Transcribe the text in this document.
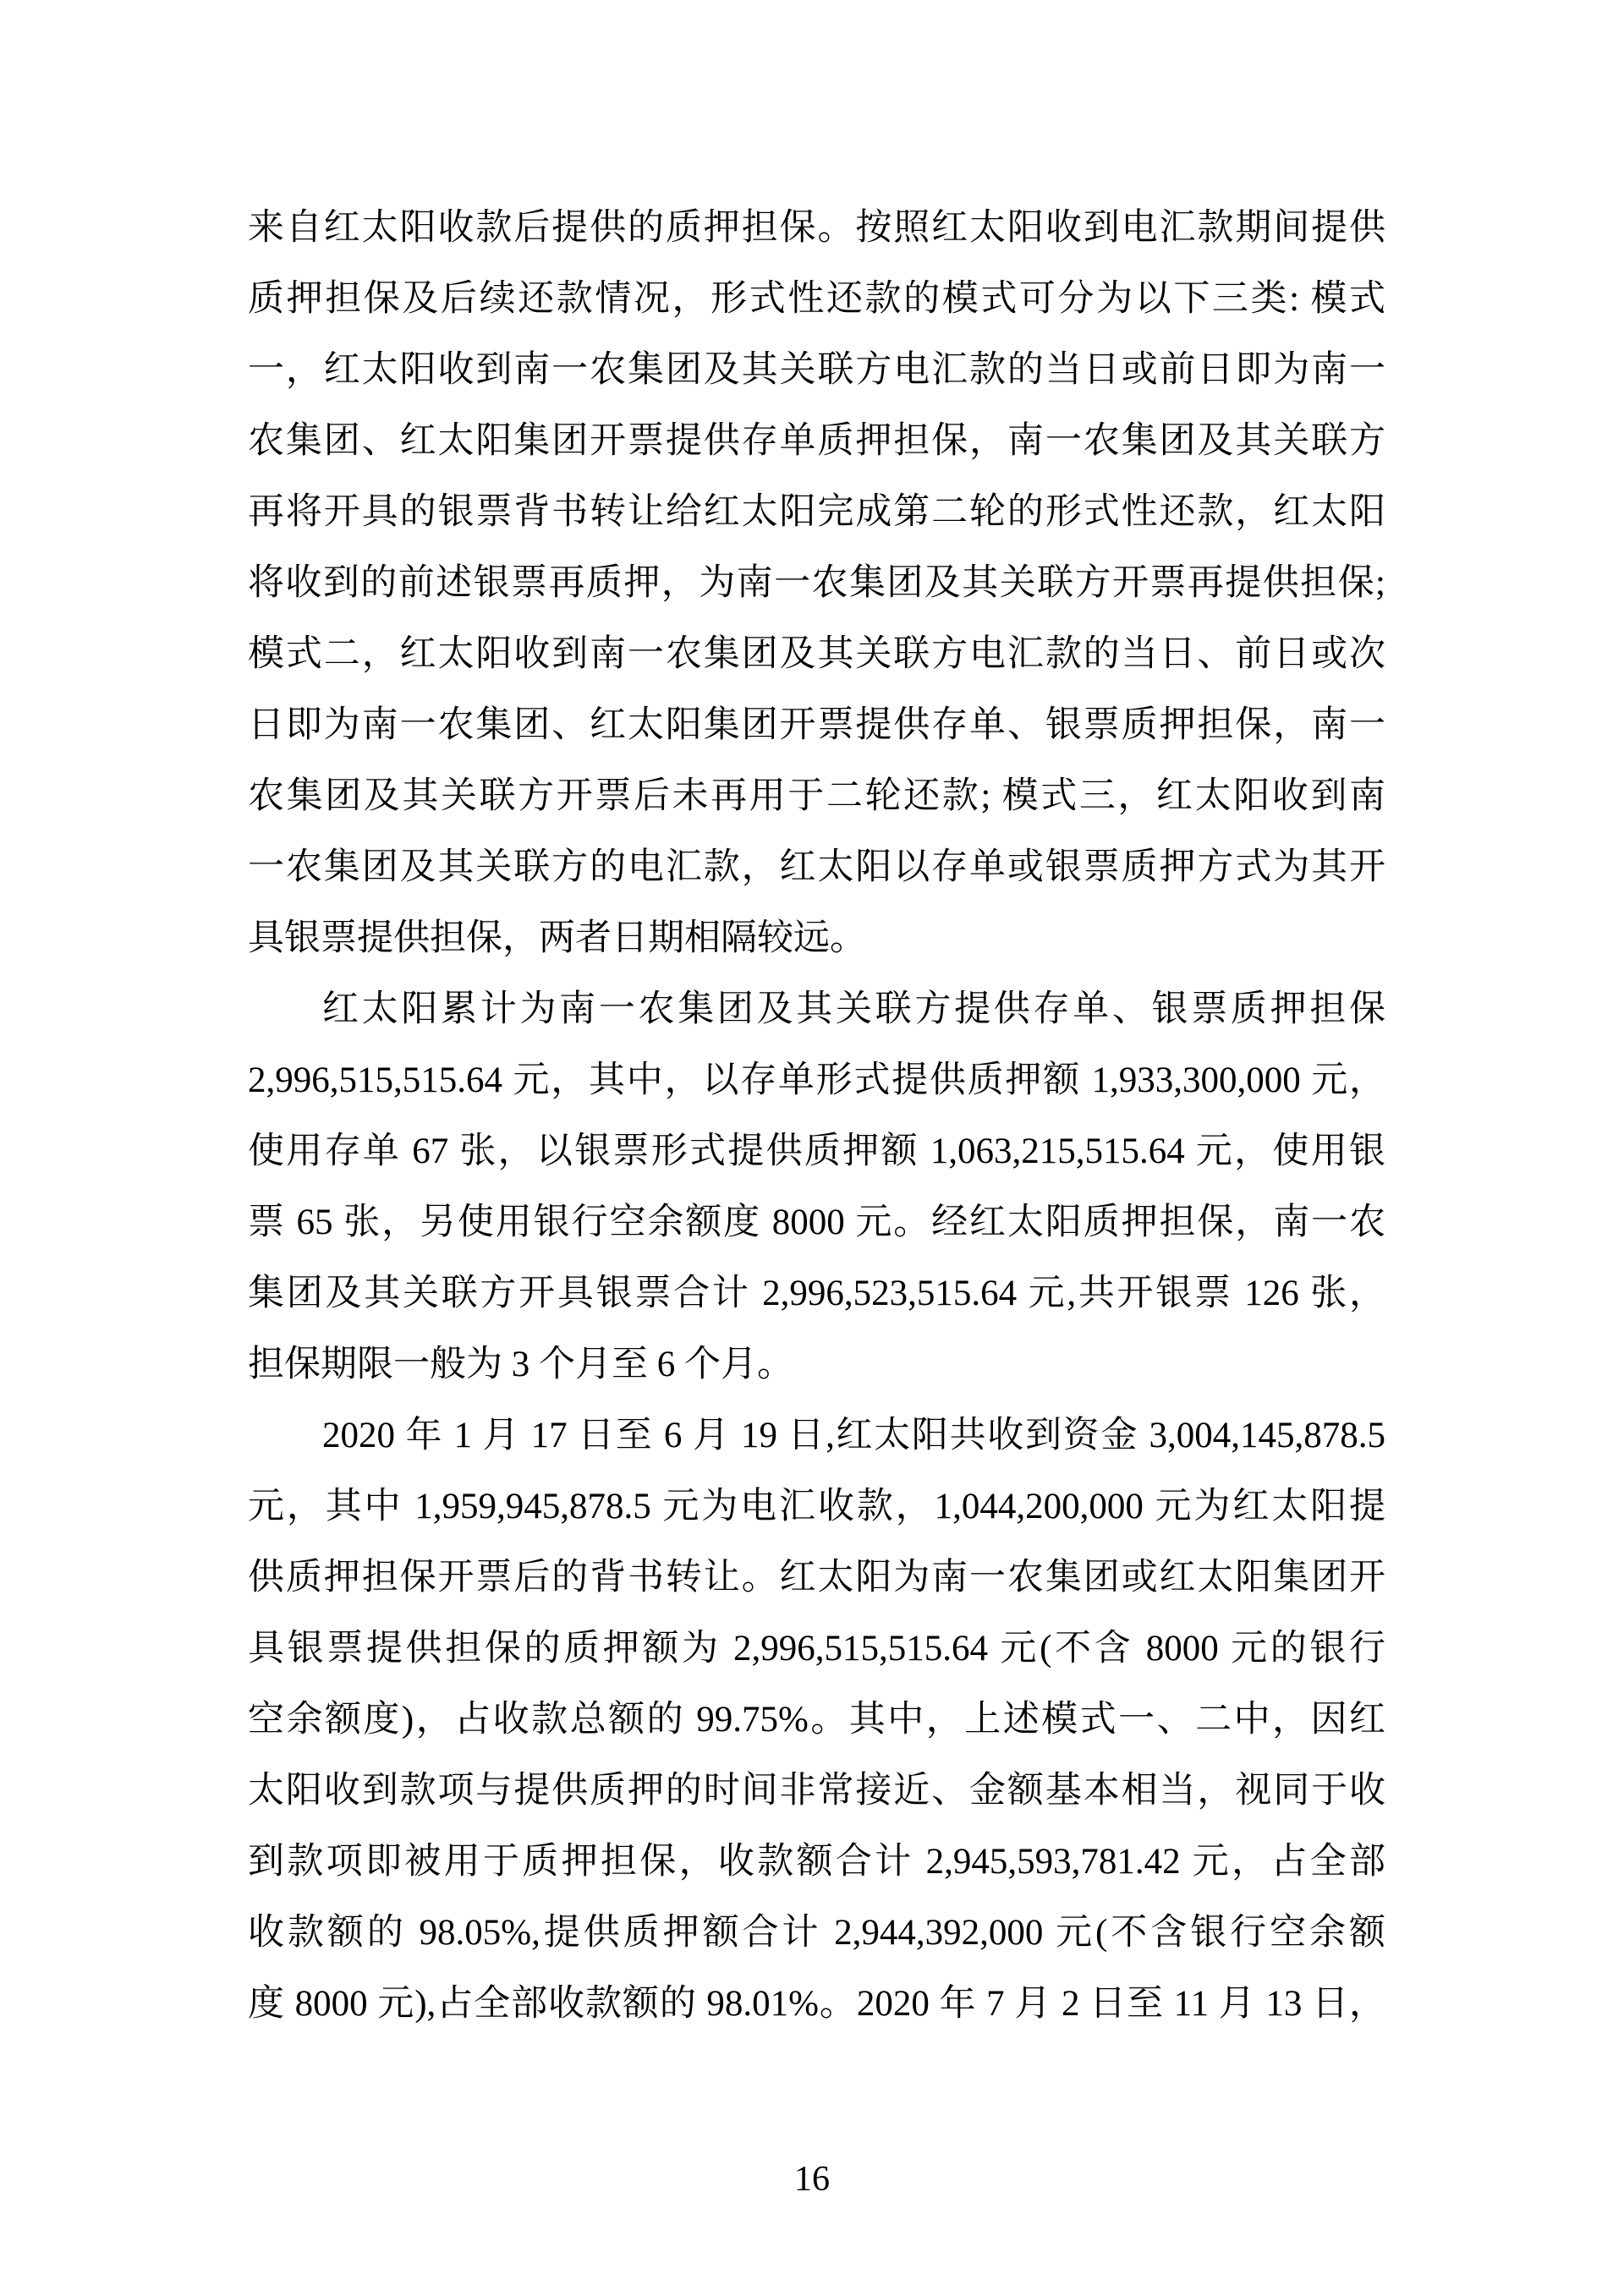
来自红太阳收款后提供的质押担保。按照红太阳收到电汇款期间提供
质押担保及后续还款情况，形式性还款的模式可分为以下三类: 模式
一，红太阳收到南一农集团及其关联方电汇款的当日或前日即为南一
农集团、红太阳集团开票提供存单质押担保，南一农集团及其关联方
再将开具的银票背书转让给红太阳完成第二轮的形式性还款，红太阳
将收到的前述银票再质押，为南一农集团及其关联方开票再提供担保;
模式二，红太阳收到南一农集团及其关联方电汇款的当日、前日或次
日即为南一农集团、红太阳集团开票提供存单、银票质押担保，南一
农集团及其关联方开票后未再用于二轮还款; 模式三，红太阳收到南
一农集团及其关联方的电汇款，红太阳以存单或银票质押方式为其开
具银票提供担保，两者日期相隔较远。
红太阳累计为南一农集团及其关联方提供存单、银票质押担保
2,996,515,515.64 元，其中，以存单形式提供质押额 1,933,300,000 元，
使用存单 67 张，以银票形式提供质押额 1,063,215,515.64 元，使用银
票 65 张，另使用银行空余额度 8000 元。经红太阳质押担保，南一农
集团及其关联方开具银票合计 2,996,523,515.64 元,共开银票 126 张，
担保期限一般为 3 个月至 6 个月。
2020 年 1 月 17 日至 6 月 19 日,红太阳共收到资金 3,004,145,878.5
元，其中 1,959,945,878.5 元为电汇收款，1,044,200,000 元为红太阳提
供质押担保开票后的背书转让。红太阳为南一农集团或红太阳集团开
具银票提供担保的质押额为 2,996,515,515.64 元(不含 8000 元的银行
空余额度)，占收款总额的 99.75%。其中，上述模式一、二中，因红
太阳收到款项与提供质押的时间非常接近、金额基本相当，视同于收
到款项即被用于质押担保，收款额合计 2,945,593,781.42 元，占全部
收款额的 98.05%,提供质押额合计 2,944,392,000 元(不含银行空余额
度 8000 元),占全部收款额的 98.01%。2020 年 7 月 2 日至 11 月 13 日，
16
